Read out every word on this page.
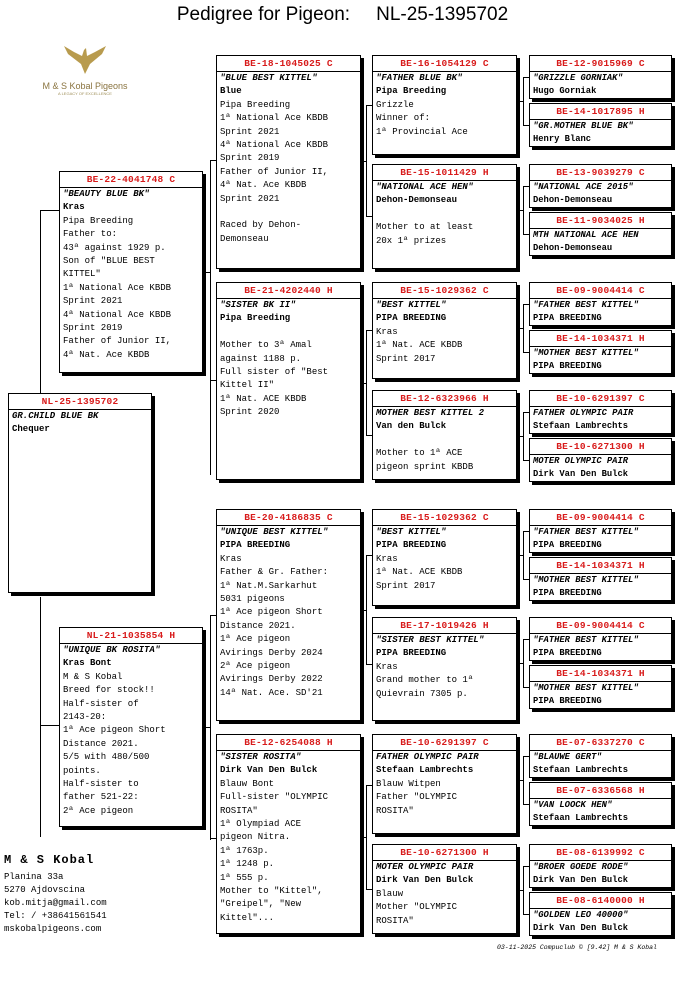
Pedigree for Pigeon: NL-25-1395702
M & S Kobal Pigeons
A LEGACY OF EXCELLENCE
NL-25-1395702

GR.CHILD BLUE BK

Chequer

BE-22-4041748 C

"BEAUTY BLUE BK"

Kras

Pipa Breeding
Father to:
43ª against 1929 p.
Son of "BLUE BEST
KITTEL"
1ª National Ace KBDB
Sprint 2021
4ª National Ace KBDB
Sprint 2019
Father of Junior II,
4ª Nat. Ace KBDB

NL-21-1035854 H

"UNIQUE BK ROSITA"

Kras Bont

M & S Kobal
Breed for stock!!
Half-sister of
2143-20:
1ª Ace pigeon Short
Distance 2021.
5/5 with 480/500
points.
Half-sister to
father 521-22:
2ª Ace pigeon

BE-18-1045025 C

"BLUE BEST KITTEL"

Blue

Pipa Breeding
1ª National Ace KBDB
Sprint 2021
4ª National Ace KBDB
Sprint 2019
Father of Junior II,
4ª Nat. Ace KBDB
Sprint 2021

Raced by Dehon-
Demonseau

BE-21-4202440 H

"SISTER BK II"

Pipa Breeding

Mother to 3ª Amal
against 1188 p.
Full sister of "Best
Kittel II"
1ª Nat. ACE KBDB
Sprint 2020

BE-20-4186835 C

"UNIQUE BEST KITTEL"

PIPA BREEDING

Kras
Father & Gr. Father:
1ª Nat.M.Sarkarhut
5031 pigeons
1ª Ace pigeon Short
Distance 2021.
1ª Ace pigeon
Avirings Derby 2024
2ª Ace pigeon
Avirings Derby 2022
14ª Nat. Ace. SD'21

BE-12-6254088 H

"SISTER ROSITA"

Dirk Van Den Bulck

Blauw Bont
Full-sister "OLYMPIC
ROSITA"
1ª Olympiad ACE
pigeon Nitra.
1ª 1763p.
1ª 1248 p.
1ª 555 p.
Mother to "Kittel",
"Greipel", "New
Kittel"...

BE-16-1054129 C

"FATHER BLUE BK"

Pipa Breeding

Grizzle
Winner of:
1ª Provincial Ace

BE-15-1011429 H

"NATIONAL ACE HEN"

Dehon-Demonseau

Mother to at least
20x 1ª prizes

BE-15-1029362 C

"BEST KITTEL"

PIPA BREEDING

Kras
1ª Nat. ACE KBDB
Sprint 2017

BE-12-6323966 H

MOTHER BEST KITTEL 2

Van den Bulck

Mother to 1ª ACE
pigeon sprint KBDB

BE-15-1029362 C

"BEST KITTEL"

PIPA BREEDING

Kras
1ª Nat. ACE KBDB
Sprint 2017

BE-17-1019426 H

"SISTER BEST KITTEL"

PIPA BREEDING

Kras
Grand mother to 1ª
Quievrain 7305 p.

BE-10-6291397 C

FATHER OLYMPIC PAIR

Stefaan Lambrechts

Blauw Witpen
Father "OLYMPIC
ROSITA"

BE-10-6271300 H

MOTER OLYMPIC PAIR

Dirk Van Den Bulck

Blauw
Mother "OLYMPIC
ROSITA"

BE-12-9015969 C

"GRIZZLE GORNIAK"

Hugo Gorniak

BE-14-1017895 H

"GR.MOTHER BLUE BK"

Henry Blanc

BE-13-9039279 C

"NATIONAL ACE 2015"

Dehon-Demonseau

BE-11-9034025 H

MTH NATIONAL ACE HEN

Dehon-Demonseau

BE-09-9004414 C

"FATHER BEST KITTEL"

PIPA BREEDING

BE-14-1034371 H

"MOTHER BEST KITTEL"

PIPA BREEDING

BE-10-6291397 C

FATHER OLYMPIC PAIR

Stefaan Lambrechts

BE-10-6271300 H

MOTER OLYMPIC PAIR

Dirk Van Den Bulck

BE-09-9004414 C

"FATHER BEST KITTEL"

PIPA BREEDING

BE-14-1034371 H

"MOTHER BEST KITTEL"

PIPA BREEDING

BE-09-9004414 C

"FATHER BEST KITTEL"

PIPA BREEDING

BE-14-1034371 H

"MOTHER BEST KITTEL"

PIPA BREEDING

BE-07-6337270 C

"BLAUWE GERT"

Stefaan Lambrechts

BE-07-6336568 H

"VAN LOOCK HEN"

Stefaan Lambrechts

BE-08-6139992 C

"BROER GOEDE RODE"

Dirk Van Den Bulck

BE-08-6140000 H

"GOLDEN LEO 40000"

Dirk Van Den Bulck

M & S Kobal
Planina 33a
5270 Ajdovscina
kob.mitja@gmail.com
Tel: / +38641561541
mskobalpigeons.com
03-11-2025 Compuclub © [9.42] M & S Kobal
